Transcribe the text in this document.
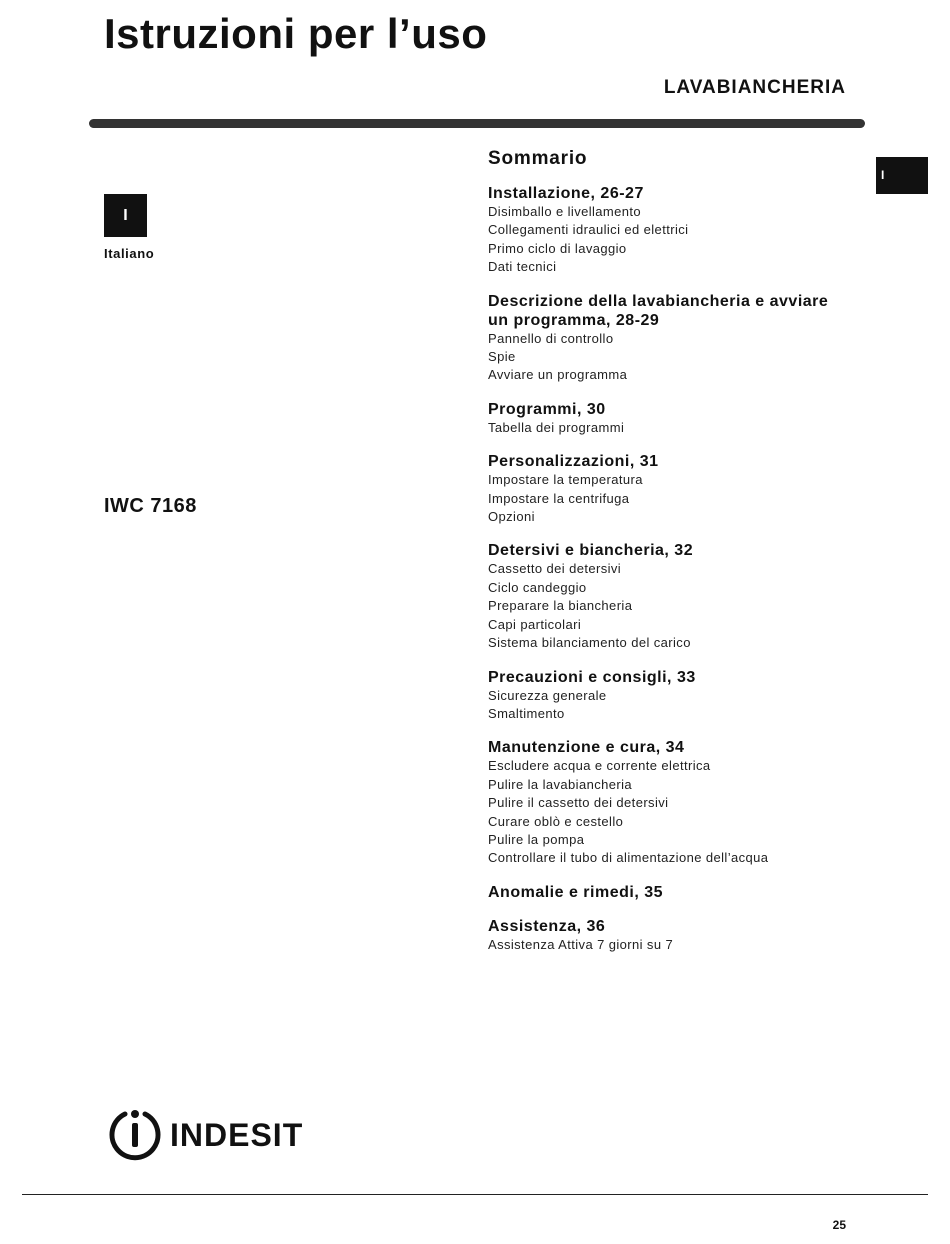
Istruzioni per l’uso
LAVABIANCHERIA
I
Italiano
I
IWC 7168
Sommario
Installazione, 26-27
Disimballo e livellamento
Collegamenti idraulici ed elettrici
Primo ciclo di lavaggio
Dati tecnici
Descrizione della lavabiancheria e avviare un programma, 28-29
Pannello di controllo
Spie
Avviare un programma
Programmi, 30
Tabella dei programmi
Personalizzazioni, 31
Impostare la temperatura
Impostare la centrifuga
Opzioni
Detersivi e biancheria, 32
Cassetto dei detersivi
Ciclo candeggio
Preparare la biancheria
Capi particolari
Sistema bilanciamento del carico
Precauzioni e consigli, 33
Sicurezza generale
Smaltimento
Manutenzione e cura, 34
Escludere acqua e corrente elettrica
Pulire la lavabiancheria
Pulire il cassetto dei detersivi
Curare oblò e cestello
Pulire la pompa
Controllare il tubo di alimentazione dell’acqua
Anomalie e rimedi, 35
Assistenza, 36
Assistenza Attiva 7 giorni su 7
INDESIT
25
